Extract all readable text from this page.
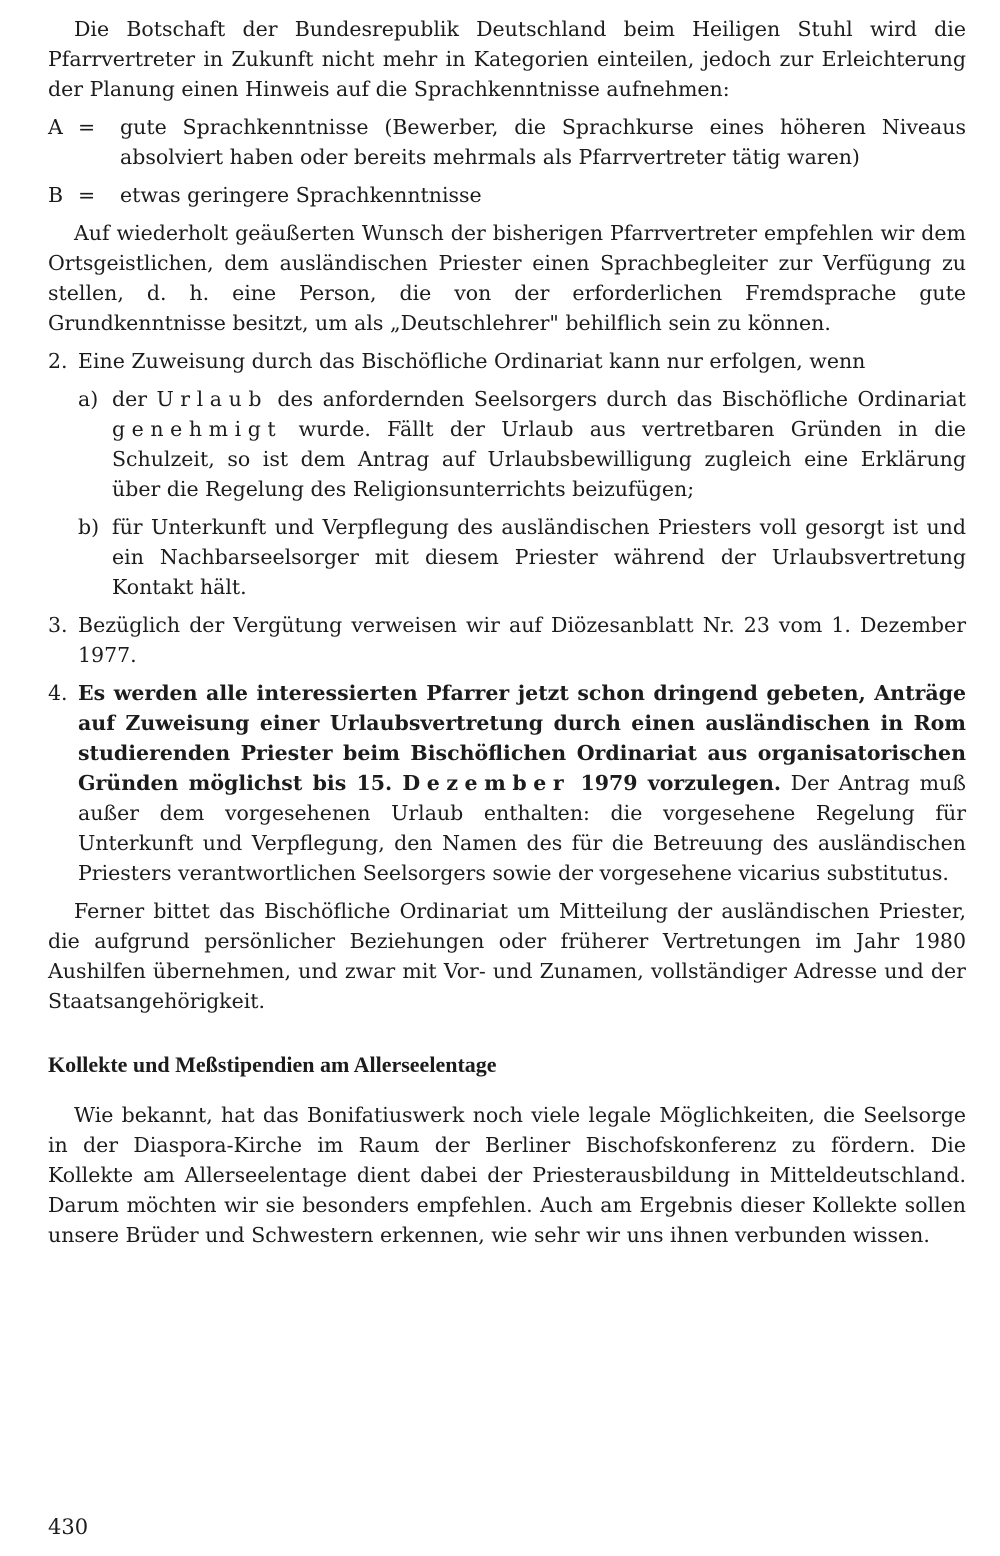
Die Botschaft der Bundesrepublik Deutschland beim Heiligen Stuhl wird die Pfarrvertreter in Zukunft nicht mehr in Kategorien einteilen, jedoch zur Erleichterung der Planung einen Hinweis auf die Sprachkenntnisse aufnehmen:

A =	gute Sprachkenntnisse (Bewerber, die Sprachkurse eines höheren Niveaus absolviert haben oder bereits mehrmals als Pfarrvertreter tätig waren)
B =	etwas geringere Sprachkenntnisse

Auf wiederholt geäußerten Wunsch der bisherigen Pfarrvertreter empfehlen wir dem Ortsgeistlichen, dem ausländischen Priester einen Sprachbegleiter zur Verfügung zu stellen, d. h. eine Person, die von der erforderlichen Fremdsprache gute Grundkenntnisse besitzt, um als „Deutschlehrer" behilflich sein zu können.

2. Eine Zuweisung durch das Bischöfliche Ordinariat kann nur erfolgen, wenn

a) der Urlaub des anfordernden Seelsorgers durch das Bischöfliche Ordinariat genehmigt wurde. Fällt der Urlaub aus vertretbaren Gründen in die Schulzeit, so ist dem Antrag auf Urlaubsbewilligung zugleich eine Erklärung über die Regelung des Religionsunterrichts beizufügen;

b) für Unterkunft und Verpflegung des ausländischen Priesters voll gesorgt ist und ein Nachbarseelsorger mit diesem Priester während der Urlaubsvertretung Kontakt hält.

3. Bezüglich der Vergütung verweisen wir auf Diözesanblatt Nr. 23 vom 1. Dezember 1977.

4. Es werden alle interessierten Pfarrer jetzt schon dringend gebeten, Anträge auf Zuweisung einer Urlaubsvertretung durch einen ausländischen in Rom studierenden Priester beim Bischöflichen Ordinariat aus organisatorischen Gründen möglichst bis 15. Dezember 1979 vorzulegen. Der Antrag muß außer dem vorgesehenen Urlaub enthalten: die vorgesehene Regelung für Unterkunft und Verpflegung, den Namen des für die Betreuung des ausländischen Priesters verantwortlichen Seelsorgers sowie der vorgesehene vicarius substitutus.

Ferner bittet das Bischöfliche Ordinariat um Mitteilung der ausländischen Priester, die aufgrund persönlicher Beziehungen oder früherer Vertretungen im Jahr 1980 Aushilfen übernehmen, und zwar mit Vor- und Zunamen, vollständiger Adresse und der Staatsangehörigkeit.

Kollekte und Meßstipendien am Allerseelentage

Wie bekannt, hat das Bonifatiuswerk noch viele legale Möglichkeiten, die Seelsorge in der Diaspora-Kirche im Raum der Berliner Bischofskonferenz zu fördern. Die Kollekte am Allerseelentage dient dabei der Priesterausbildung in Mitteldeutschland. Darum möchten wir sie besonders empfehlen. Auch am Ergebnis dieser Kollekte sollen unsere Brüder und Schwestern erkennen, wie sehr wir uns ihnen verbunden wissen.

430
